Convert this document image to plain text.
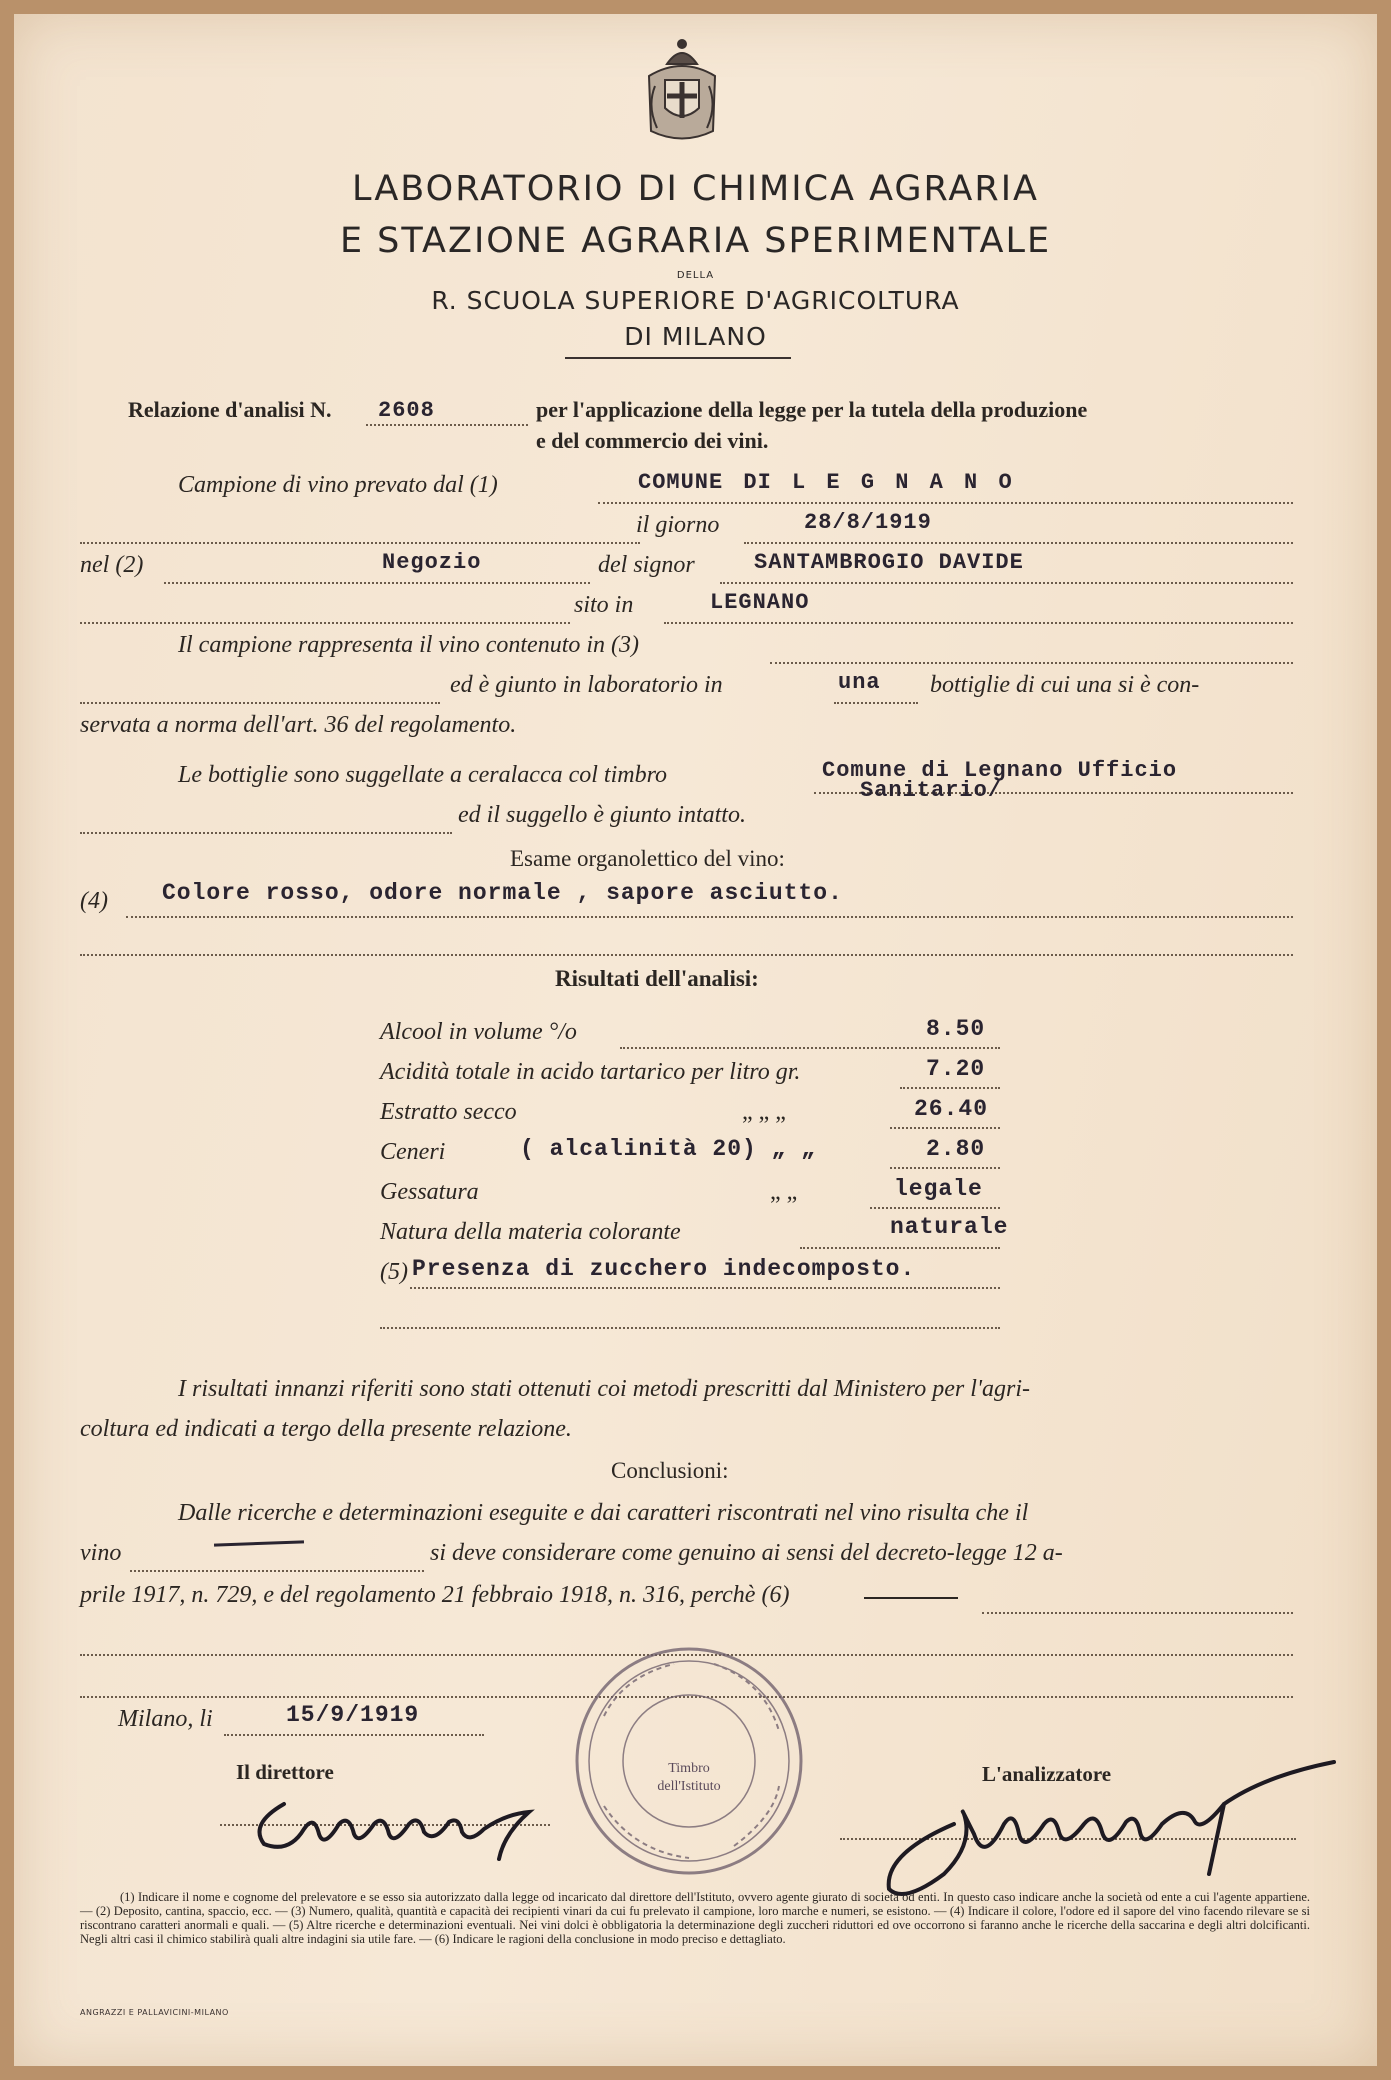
LABORATORIO DI CHIMICA AGRARIA
E STAZIONE AGRARIA SPERIMENTALE
DELLA
R. SCUOLA SUPERIORE D'AGRICOLTURA
DI MILANO
Relazione d'analisi N. 2608	per l'applicazione della legge per la tutela della produzione
e del commercio dei vini.
Campione di vino prevato dal (1)	COMUNE DI L E G N A N O
il giorno	28/8/1919
nel (2)	Negozio	del signor	SANTAMBROGIO DAVIDE
sito in	LEGNANO
Il campione rappresenta il vino contenuto in (3)
ed è giunto in laboratorio in	una bottiglie di cui una si è con-
servata a norma dell'art. 36 del regolamento.
Le bottiglie sono suggellate a ceralacca col timbro	Comune di Legnano Ufficio
Sanitario/
ed il suggello è giunto intatto.
Esame organolettico del vino:
(4) Colore rosso, odore normale , sapore asciutto.
Risultati dell'analisi:
Alcool in volume °/o	8.50
Acidità totale in acido tartarico per litro gr.	7.20
Estratto secco	„ „ „	26.40
Ceneri	( alcalinità 20) „ „	2.80
Gessatura	„ „	legale
Natura della materia colorante	naturale
(5) Presenza di zucchero indecomposto.
I risultati innanzi riferiti sono stati ottenuti coi metodi prescritti dal Ministero per l'agri-
coltura ed indicati a tergo della presente relazione.
Conclusioni:
Dalle ricerche e determinazioni eseguite e dai caratteri riscontrati nel vino risulta che il
vino	si deve considerare come genuino ai sensi del decreto-legge 12 a-
prile 1917, n. 729, e del regolamento 21 febbraio 1918, n. 316, perchè (6)
Milano, li	15/9/1919
Timbro dell'Istituto
Il direttore	L'analizzatore
(1) Indicare il nome e cognome del prelevatore e se esso sia autorizzato dalla legge od incaricato dal direttore dell'Istituto, ovvero agente giurato di società od enti. In questo caso indicare anche la società od ente a cui l'agente appartiene. — (2) Deposito, cantina, spaccio, ecc. — (3) Numero, qualità, quantità e capacità dei recipienti vinari da cui fu prelevato il campione, loro marche e numeri, se esistono. — (4) Indicare il colore, l'odore ed il sapore del vino facendo rilevare se si riscontrano caratteri anormali e quali. — (5) Altre ricerche e determinazioni eventuali. Nei vini dolci è obbligatoria la determinazione degli zuccheri riduttori ed ove occorrono si faranno anche le ricerche della saccarina e degli altri dolcificanti. Negli altri casi il chimico stabilirà quali altre indagini sia utile fare. — (6) Indicare le ragioni della conclusione in modo preciso e dettagliato.
ANGRAZZI E PALLAVICINI-MILANO
